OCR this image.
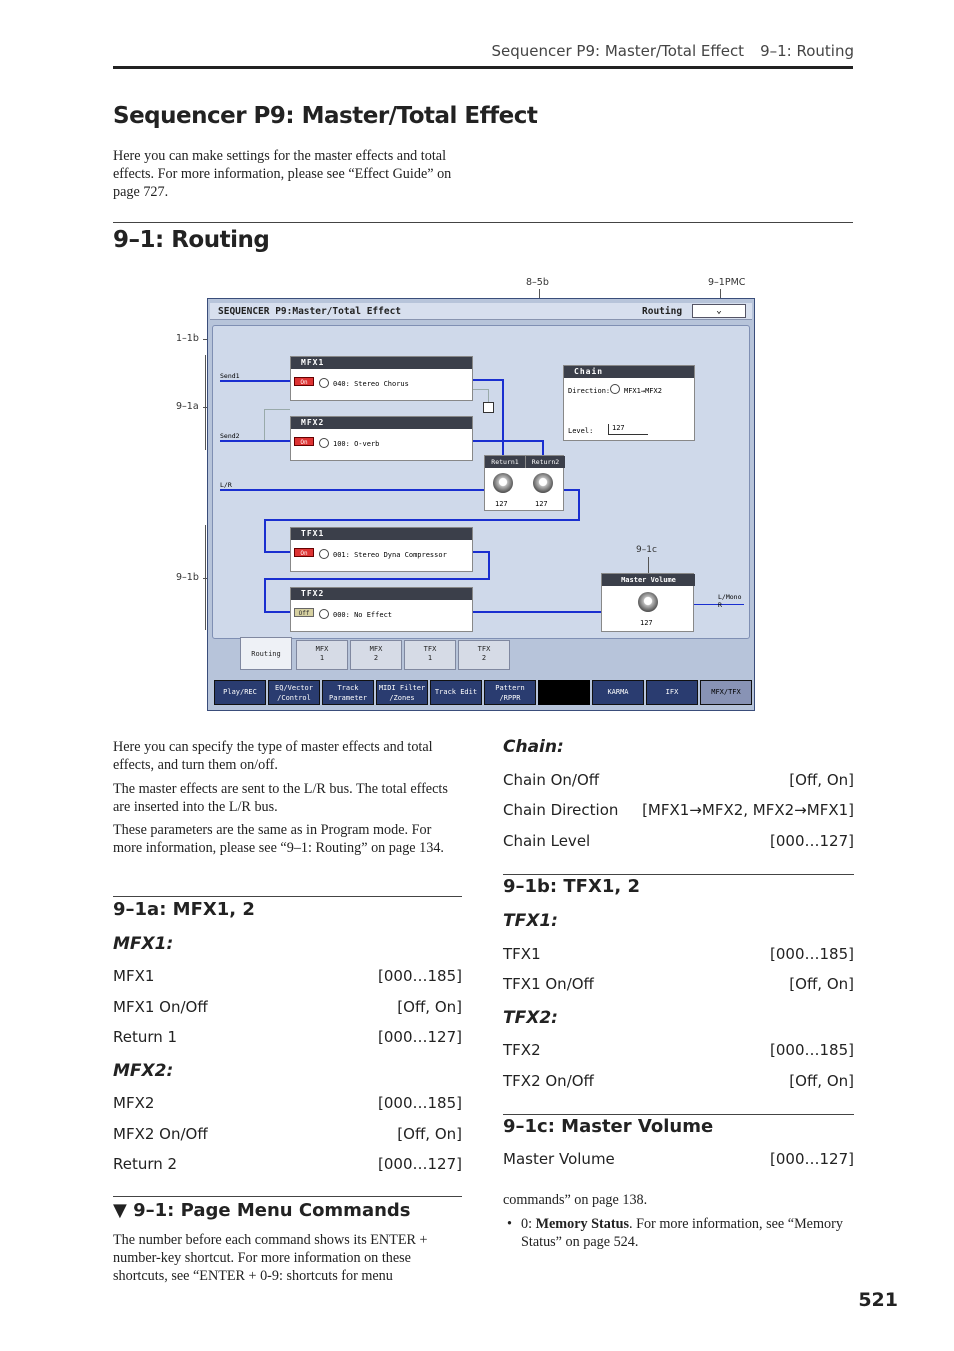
Sequencer P9: Master/Total Effect 9–1: Routing
Sequencer P9: Master/Total Effect
Here you can make settings for the master effects and total effects. For more information, please see “Effect Guide” on page 727.
9–1: Routing
8–5b	9–1PMC
1–1b
9–1a
9–1b
SEQUENCER P9:Master/Total Effect	Routing	⌄
Send1
Send2
L/R
L/Mono
R
MFX1
On	040: Stereo Chorus
MFX2
On	100: O-verb
Chain
Direction: MFX1→MFX2
Level:	127
Return1	Return2
127	127
TFX1
On	001: Stereo Dyna Compressor
TFX2
Off	000: No Effect
Master Volume
127
9–1c
Routing
MFX
1
MFX
2
TFX
1
TFX
2
Play/REC	EQ/Vector
/Control
Track
Parameter
MIDI Filter
/Zones
Track Edit	Pattern
/RPPR
KARMA	IFX	MFX/TFX
Here you can specify the type of master effects and total effects, and turn them on/off.
The master effects are sent to the L/R bus. The total effects are inserted into the L/R bus.
These parameters are the same as in Program mode. For more information, please see “9–1: Routing” on page 134.
9–1a: MFX1, 2
MFX1:
MFX1	[000…185]
MFX1 On/Off	[Off, On]
Return 1	[000…127]
MFX2:
MFX2	[000…185]
MFX2 On/Off	[Off, On]
Return 2	[000…127]
▼ 9–1: Page Menu Commands
The number before each command shows its ENTER + number-key shortcut. For more information on these shortcuts, see “ENTER + 0-9: shortcuts for menu
Chain:
Chain On/Off	[Off, On]
Chain Direction [MFX1→MFX2, MFX2→MFX1]
Chain Level	[000…127]
9–1b: TFX1, 2
TFX1:
TFX1	[000…185]
TFX1 On/Off	[Off, On]
TFX2:
TFX2	[000…185]
TFX2 On/Off	[Off, On]
9–1c: Master Volume
Master Volume	[000…127]
commands” on page 138.
• 0: Memory Status. For more information, see “Memory Status” on page 524.
521
